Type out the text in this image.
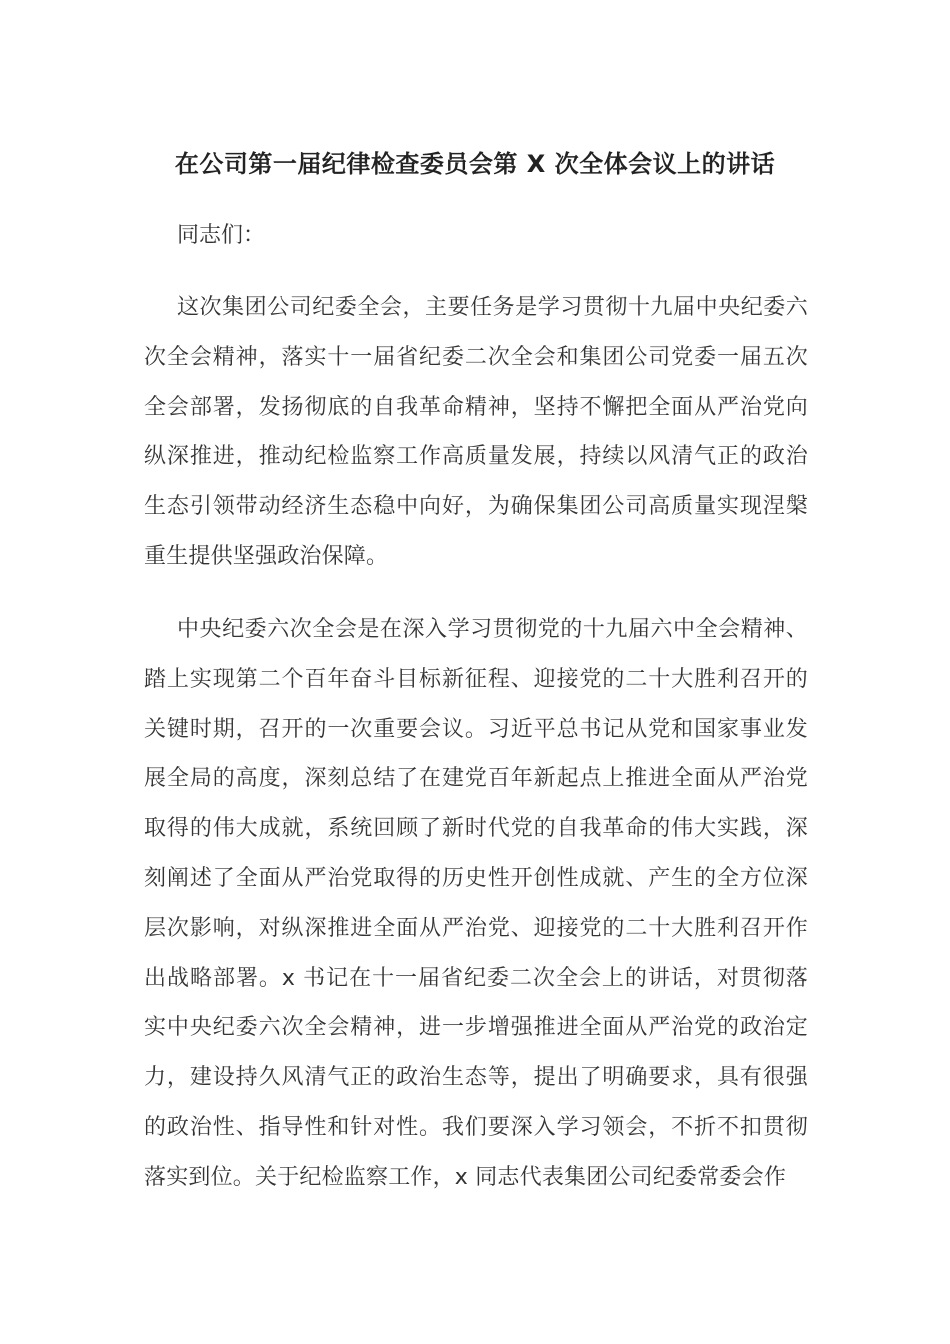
在公司第一届纪律检查委员会第 X 次全体会议上的讲话
同志们：
这次集团公司纪委全会，主要任务是学习贯彻十九届中央纪委六次全会精神，落实十一届省纪委二次全会和集团公司党委一届五次全会部署，发扬彻底的自我革命精神，坚持不懈把全面从严治党向纵深推进，推动纪检监察工作高质量发展，持续以风清气正的政治生态引领带动经济生态稳中向好，为确保集团公司高质量实现涅槃重生提供坚强政治保障。
中央纪委六次全会是在深入学习贯彻党的十九届六中全会精神、踏上实现第二个百年奋斗目标新征程、迎接党的二十大胜利召开的关键时期，召开的一次重要会议。习近平总书记从党和国家事业发展全局的高度，深刻总结了在建党百年新起点上推进全面从严治党取得的伟大成就，系统回顾了新时代党的自我革命的伟大实践，深刻阐述了全面从严治党取得的历史性开创性成就、产生的全方位深层次影响，对纵深推进全面从严治党、迎接党的二十大胜利召开作出战略部署。x 书记在十一届省纪委二次全会上的讲话，对贯彻落实中央纪委六次全会精神，进一步增强推进全面从严治党的政治定力，建设持久风清气正的政治生态等，提出了明确要求，具有很强的政治性、指导性和针对性。我们要深入学习领会，不折不扣贯彻落实到位。关于纪检监察工作，x 同志代表集团公司纪委常委会作
